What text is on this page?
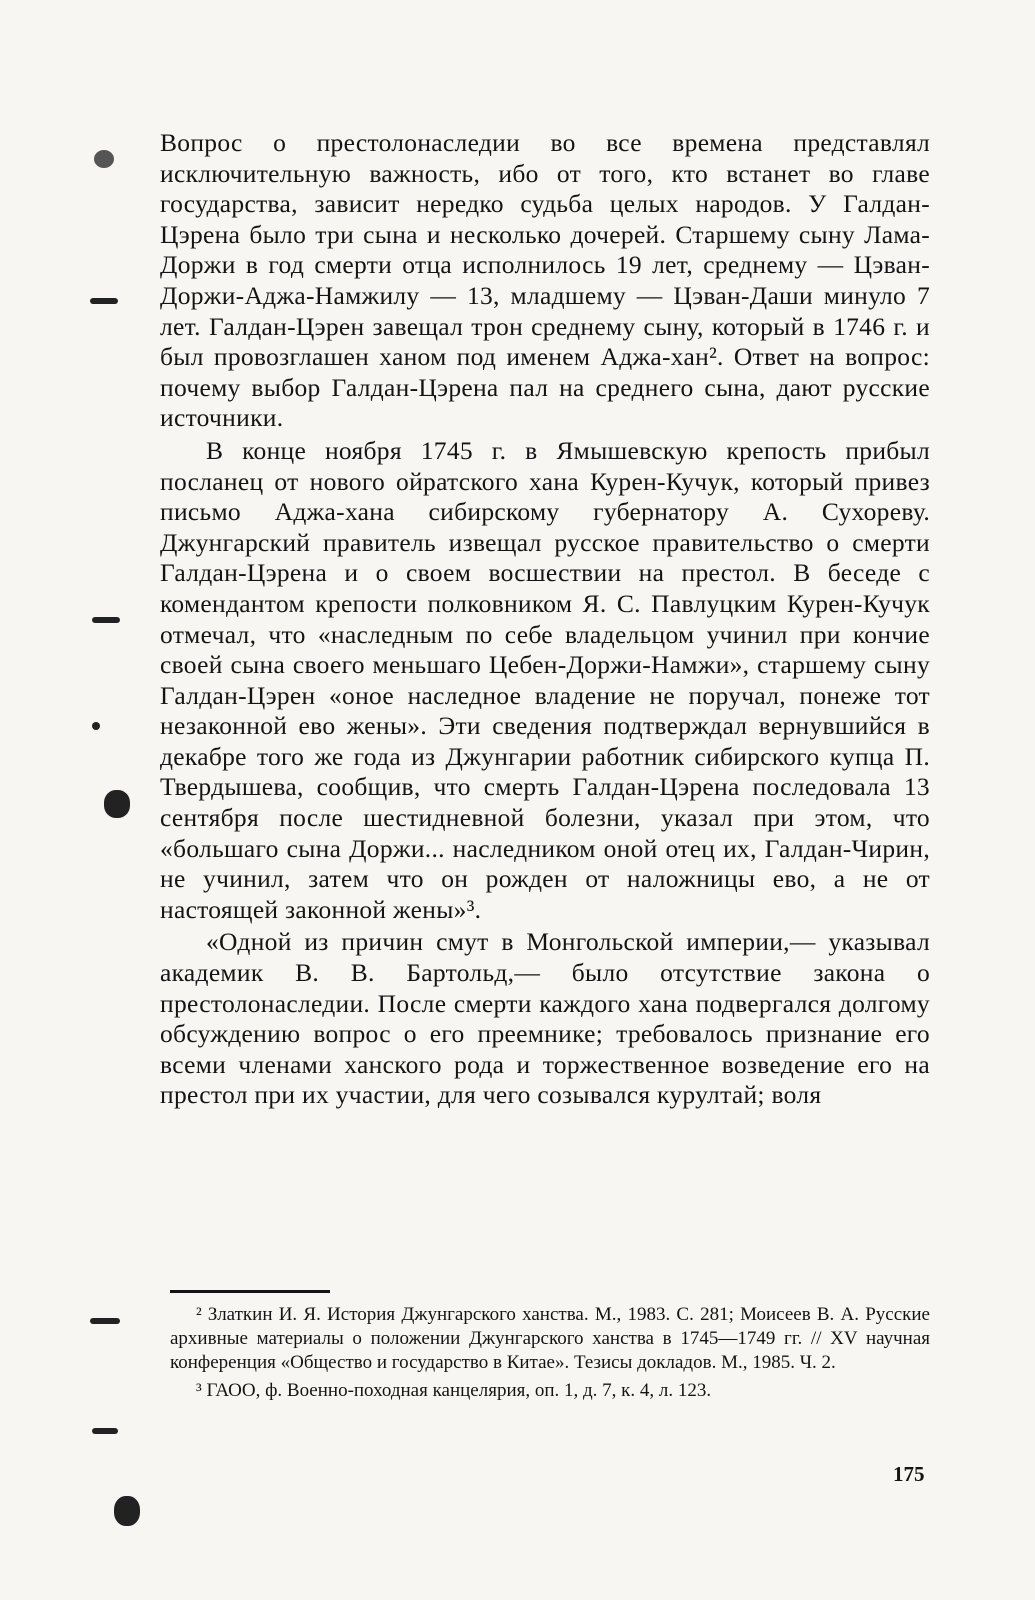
Вопрос о престолонаследии во все времена представлял исключительную важность, ибо от того, кто встанет во главе государства, зависит нередко судьба целых народов. У Галдан-Цэрена было три сына и несколько дочерей. Старшему сыну Лама-Доржи в год смерти отца исполнилось 19 лет, среднему — Цэван-Доржи-Аджа-Намжилу — 13, младшему — Цэван-Даши минуло 7 лет. Галдан-Цэрен завещал трон среднему сыну, который в 1746 г. и был провозглашен ханом под именем Аджа-хан². Ответ на вопрос: почему выбор Галдан-Цэрена пал на среднего сына, дают русские источники.

В конце ноября 1745 г. в Ямышевскую крепость прибыл посланец от нового ойратского хана Курен-Кучук, который привез письмо Аджа-хана сибирскому губернатору А. Сухореву. Джунгарский правитель извещал русское правительство о смерти Галдан-Цэрена и о своем восшествии на престол. В беседе с комендантом крепости полковником Я. С. Павлуцким Курен-Кучук отмечал, что «наследным по себе владельцом учинил при кончие своей сына своего меньшаго Цебен-Доржи-Намжи», старшему сыну Галдан-Цэрен «оное наследное владение не поручал, понеже тот незаконной ево жены». Эти сведения подтверждал вернувшийся в декабре того же года из Джунгарии работник сибирского купца П. Твердышева, сообщив, что смерть Галдан-Цэрена последовала 13 сентября после шестидневной болезни, указал при этом, что «большаго сына Доржи... наследником оной отец их, Галдан-Чирин, не учинил, затем что он рожден от наложницы ево, а не от настоящей законной жены»³.

«Одной из причин смут в Монгольской империи,— указывал академик В. В. Бартольд,— было отсутствие закона о престолонаследии. После смерти каждого хана подвергался долгому обсуждению вопрос о его преемнике; требовалось признание его всеми членами ханского рода и торжественное возведение его на престол при их участии, для чего созывался курултай; воля

² Златкин И. Я. История Джунгарского ханства. М., 1983. С. 281; Моисеев В. А. Русские архивные материалы о положении Джунгарского ханства в 1745—1749 гг. // XV научная конференция «Общество и государство в Китае». Тезисы докладов. М., 1985. Ч. 2.

³ ГАОО, ф. Военно-походная канцелярия, оп. 1, д. 7, к. 4, л. 123.

175
